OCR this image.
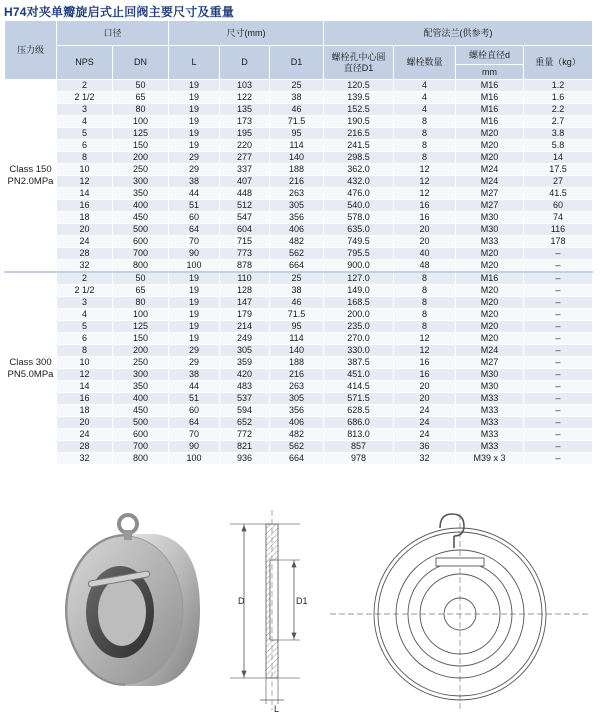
H74对夹单瓣旋启式止回阀主要尺寸及重量
压力级	口径		尺寸(mm)			配管法兰(供参考)			
	NPS	DN	L	D	D1	螺栓孔中心圆直径D1	螺栓数量	螺栓直径d	重量（kg）
								mm	
Class 150 PN2.0MPa	2	50	19	103	25	120.5	4	M16	1.2
	2 1/2	65	19	122	38	139.5	4	M16	1.6
	3	80	19	135	46	152.5	4	M16	2.2
	4	100	19	173	71.5	190.5	8	M16	2.7
	5	125	19	195	95	216.5	8	M20	3.8
	6	150	19	220	114	241.5	8	M20	5.8
	8	200	29	277	140	298.5	8	M20	14
	10	250	29	337	188	362.0	12	M24	17.5
	12	300	38	407	216	432.0	12	M24	27
	14	350	44	448	263	476.0	12	M27	41.5
	16	400	51	512	305	540.0	16	M27	60
	18	450	60	547	356	578.0	16	M30	74
	20	500	64	604	406	635.0	20	M30	116
	24	600	70	715	482	749.5	20	M33	178
	28	700	90	773	562	795.5	40	M20	–
	32	800	100	878	664	900.0	48	M20	–
Class 300 PN5.0MPa	2	50	19	110	25	127.0	8	M16	–
	2 1/2	65	19	128	38	149.0	8	M20	–
	3	80	19	147	46	168.5	8	M20	–
	4	100	19	179	71.5	200.0	8	M20	–
	5	125	19	214	95	235.0	8	M20	–
	6	150	19	249	114	270.0	12	M20	–
	8	200	29	305	140	330.0	12	M24	–
	10	250	29	359	188	387.5	16	M27	–
	12	300	38	420	216	451.0	16	M30	–
	14	350	44	483	263	414.5	20	M30	–
	16	400	51	537	305	571.5	20	M33	–
	18	450	60	594	356	628.5	24	M33	–
	20	500	64	652	406	686.0	24	M33	–
	24	600	70	772	482	813.0	24	M33	–
	28	700	90	821	562	857	36	M33	–
	32	800	100	936	664	978	32	M39 x 3	–
D	D1
L
